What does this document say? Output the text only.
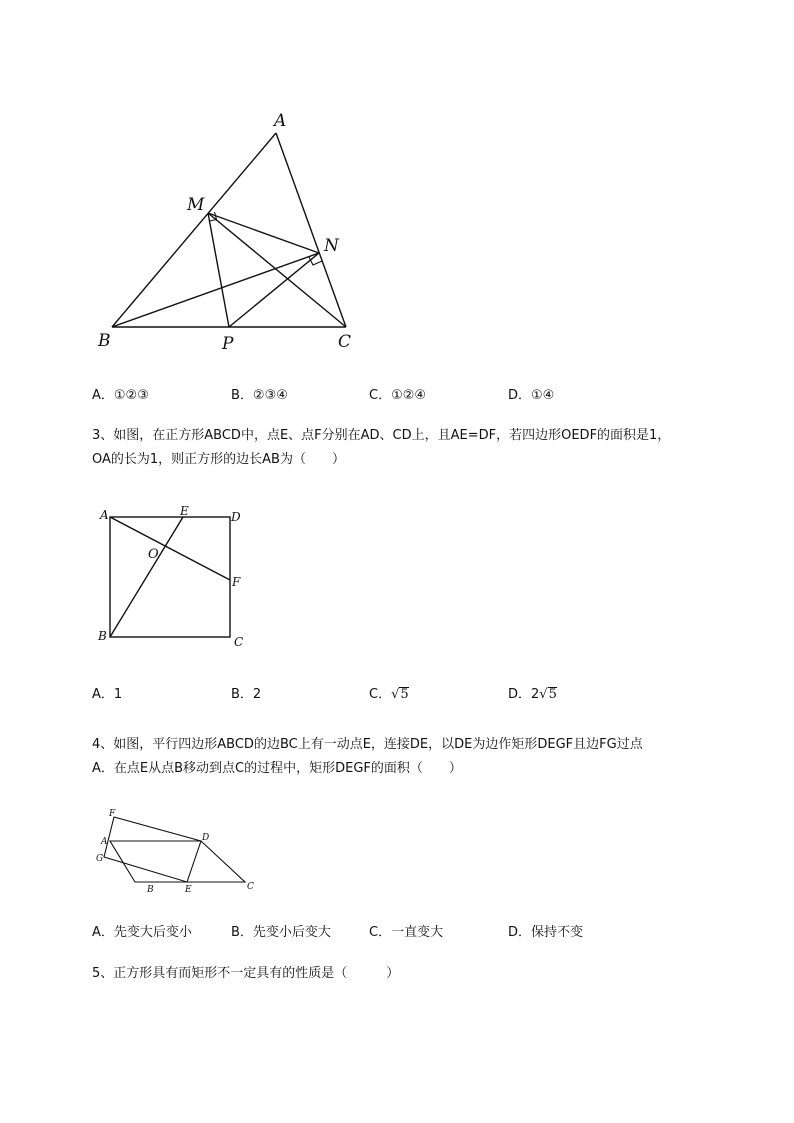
A
M
N
B	P	C
A．①②③	B．②③④	C．①②④	D．①④
3、如图，在正方形ABCD中，点E、点F分别在AD、CD上，且AE=DF，若四边形OEDF的面积是1，
OA的长为1，则正方形的边长AB为（　　）
A	E	D
O
F
B	C
A．1	B．2	C．√5	D．2√5
4、如图，平行四边形ABCD的边BC上有一动点E，连接DE，以DE为边作矩形DEGF且边FG过点
A．在点E从点B移动到点C的过程中，矩形DEGF的面积（　　）
F
A	D
G
B	E	C
A．先变大后变小	B．先变小后变大	C．一直变大	D．保持不变
5、正方形具有而矩形不一定具有的性质是（　　　）
